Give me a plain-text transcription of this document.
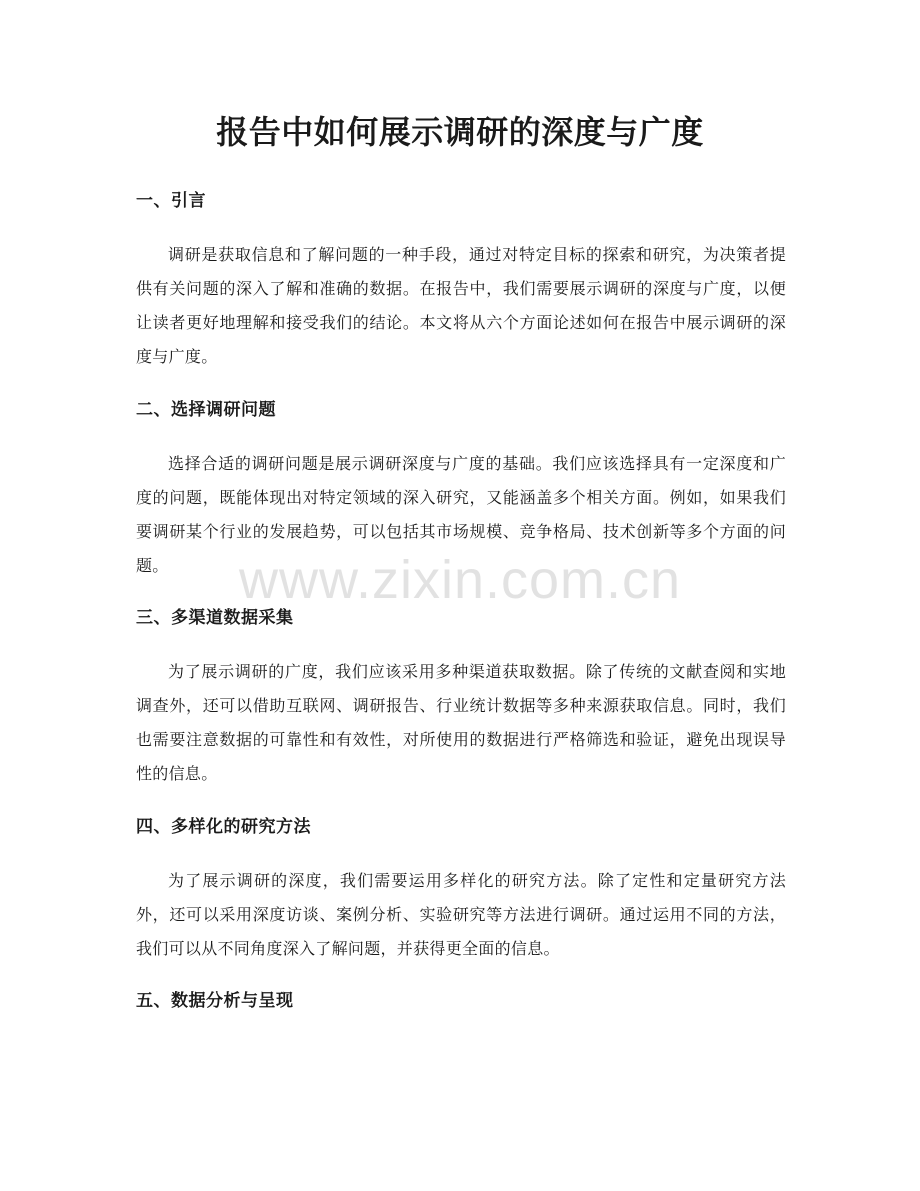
报告中如何展示调研的深度与广度
一、引言

调研是获取信息和了解问题的一种手段，通过对特定目标的探索和研究，为决策者提供有关问题的深入了解和准确的数据。在报告中，我们需要展示调研的深度与广度，以便让读者更好地理解和接受我们的结论。本文将从六个方面论述如何在报告中展示调研的深度与广度。

二、选择调研问题

选择合适的调研问题是展示调研深度与广度的基础。我们应该选择具有一定深度和广度的问题，既能体现出对特定领域的深入研究，又能涵盖多个相关方面。例如，如果我们要调研某个行业的发展趋势，可以包括其市场规模、竞争格局、技术创新等多个方面的问题。

三、多渠道数据采集

为了展示调研的广度，我们应该采用多种渠道获取数据。除了传统的文献查阅和实地调查外，还可以借助互联网、调研报告、行业统计数据等多种来源获取信息。同时，我们也需要注意数据的可靠性和有效性，对所使用的数据进行严格筛选和验证，避免出现误导性的信息。

四、多样化的研究方法

为了展示调研的深度，我们需要运用多样化的研究方法。除了定性和定量研究方法外，还可以采用深度访谈、案例分析、实验研究等方法进行调研。通过运用不同的方法，我们可以从不同角度深入了解问题，并获得更全面的信息。

五、数据分析与呈现
www.zixin.com.cn
